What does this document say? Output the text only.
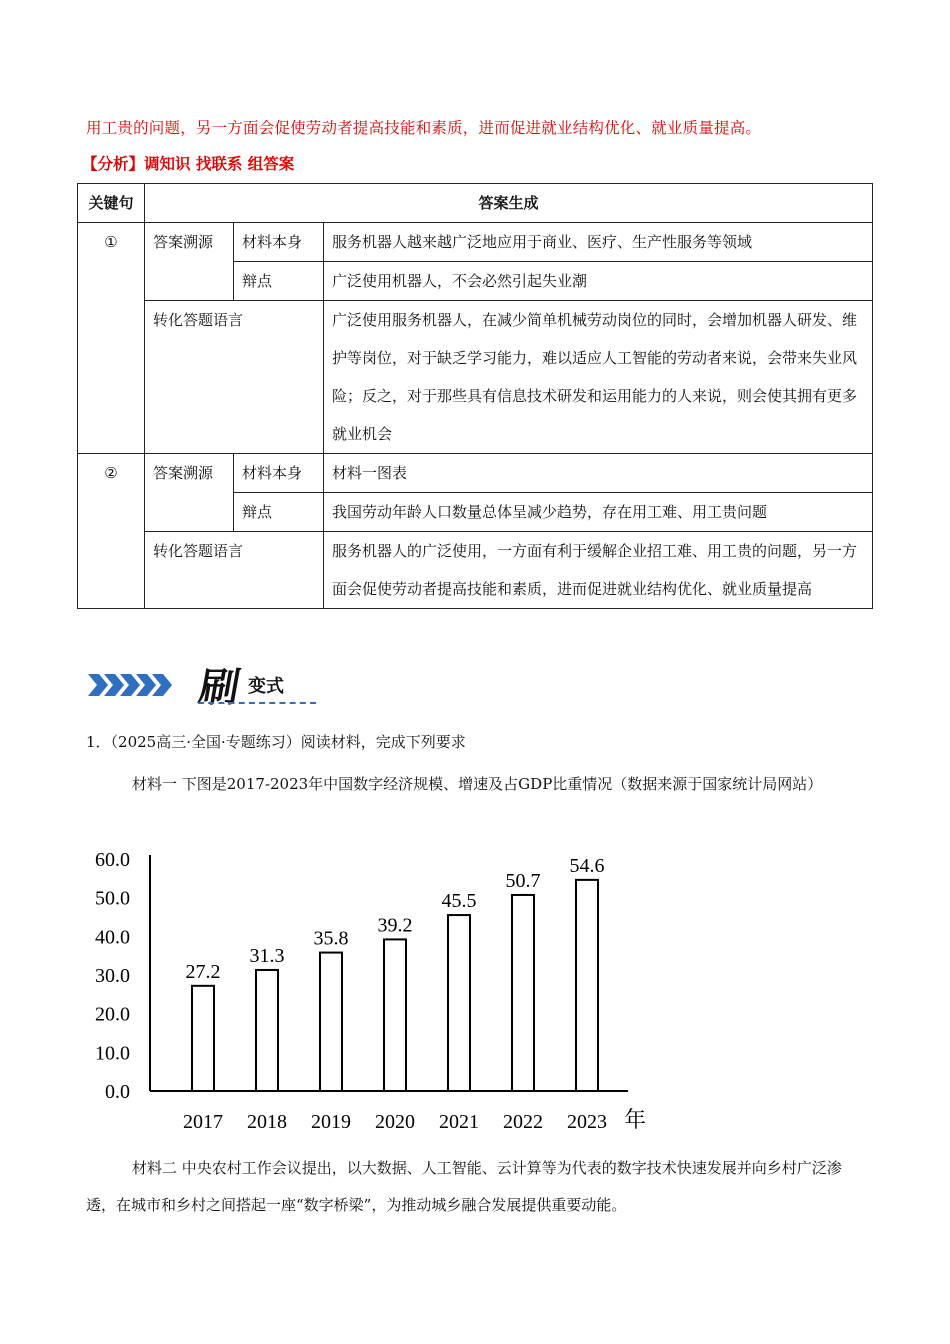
用工贵的问题，另一方面会促使劳动者提高技能和素质，进而促进就业结构优化、就业质量提高。
【分析】调知识 找联系 组答案
关键句	答案生成		
①	答案溯源	材料本身	服务机器人越来越广泛地应用于商业、医疗、生产性服务等领域
		辩点	广泛使用机器人，不会必然引起失业潮
	转化答题语言		广泛使用服务机器人，在减少简单机械劳动岗位的同时，会增加机器人研发、维护等岗位，对于缺乏学习能力，难以适应人工智能的劳动者来说，会带来失业风险；反之，对于那些具有信息技术研发和运用能力的人来说，则会使其拥有更多就业机会
②	答案溯源	材料本身	材料一图表
		辩点	我国劳动年龄人口数量总体呈减少趋势，存在用工难、用工贵问题
	转化答题语言		服务机器人的广泛使用，一方面有利于缓解企业招工难、用工贵的问题，另一方面会促使劳动者提高技能和素质，进而促进就业结构优化、就业质量提高
刷 变式
1．（2025高三·全国·专题练习）阅读材料，完成下列要求
材料一 下图是2017-2023年中国数字经济规模、增速及占GDP比重情况（数据来源于国家统计局网站）
0.0
10.0
20.0
30.0
40.0
50.0
60.0
27.2
2017
31.3
2018
35.8
2019
39.2
2020
45.5
2021
50.7
2022
54.6
2023 年
材料二 中央农村工作会议提出，以大数据、人工智能、云计算等为代表的数字技术快速发展并向乡村广泛渗透，在城市和乡村之间搭起一座“数字桥梁”，为推动城乡融合发展提供重要动能。
